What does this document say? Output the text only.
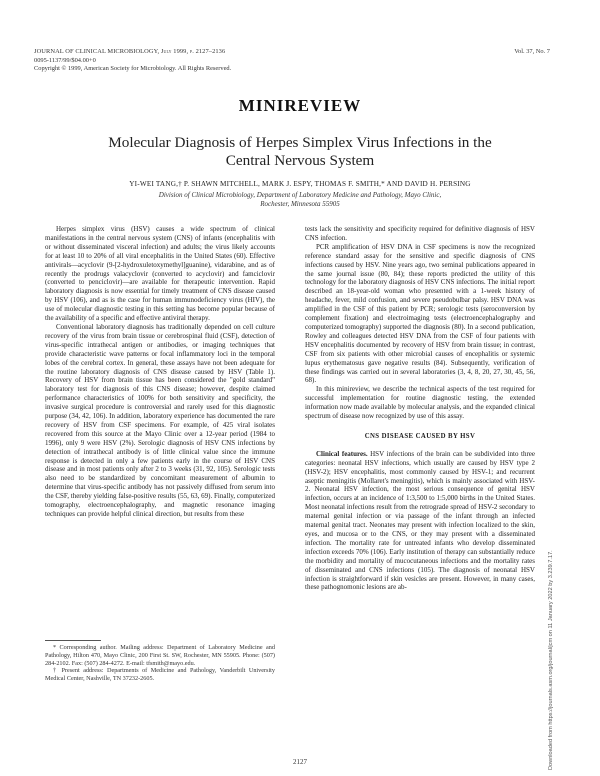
JOURNAL OF CLINICAL MICROBIOLOGY, July 1999, p. 2127–2136	Vol. 37, No. 7
0095-1137/99/$04.00+0
Copyright © 1999, American Society for Microbiology. All Rights Reserved.
MINIREVIEW
Molecular Diagnosis of Herpes Simplex Virus Infections in the
Central Nervous System
YI-WEI TANG,† P. SHAWN MITCHELL, MARK J. ESPY, THOMAS F. SMITH,* AND DAVID H. PERSING
Division of Clinical Microbiology, Department of Laboratory Medicine and Pathology, Mayo Clinic,
Rochester, Minnesota 55905

Herpes simplex virus (HSV) causes a wide spectrum of clinical manifestations in the central nervous system (CNS) of infants (encephalitis with or without disseminated visceral infection) and adults; the virus likely accounts for at least 10 to 20% of all viral encephalitis in the United States (60). Effective antivirals—acyclovir (9-[2-hydroxuletoxymethyl]guanine), vidarabine, and as of recently the prodrugs valacyclovir (converted to acyclovir) and famciclovir (converted to penciclovir)—are available for therapeutic intervention. Rapid laboratory diagnosis is now essential for timely treatment of CNS disease caused by HSV (106), and as is the case for human immunodeficiency virus (HIV), the use of molecular diagnostic testing in this setting has become popular because of the availability of a specific and effective antiviral therapy.

Conventional laboratory diagnosis has traditionally depended on cell culture recovery of the virus from brain tissue or cerebrospinal fluid (CSF), detection of virus-specific intrathecal antigen or antibodies, or imaging techniques that provide characteristic wave patterns or focal inflammatory loci in the temporal lobes of the cerebral cortex. In general, these assays have not been adequate for the routine laboratory diagnosis of CNS disease caused by HSV (Table 1). Recovery of HSV from brain tissue has been considered the "gold standard" laboratory test for diagnosis of this CNS disease; however, despite claimed performance characteristics of 100% for both sensitivity and specificity, the invasive surgical procedure is controversial and rarely used for this diagnostic purpose (34, 42, 106). In addition, laboratory experience has documented the rare recovery of HSV from CSF specimens. For example, of 425 viral isolates recovered from this source at the Mayo Clinic over a 12-year period (1984 to 1996), only 9 were HSV (2%). Serologic diagnosis of HSV CNS infections by detection of intrathecal antibody is of little clinical value since the immune response is detected in only a few patients early in the course of HSV CNS disease and in most patients only after 2 to 3 weeks (31, 92, 105). Serologic tests also need to be standardized by concomitant measurement of albumin to determine that virus-specific antibody has not passively diffused from serum into the CSF, thereby yielding false-positive results (55, 63, 69). Finally, computerized tomography, electroencephalography, and magnetic resonance imaging techniques can provide helpful clinical direction, but results from these

tests lack the sensitivity and specificity required for definitive diagnosis of HSV CNS infection.

PCR amplification of HSV DNA in CSF specimens is now the recognized reference standard assay for the sensitive and specific diagnosis of CNS infections caused by HSV. Nine years ago, two seminal publications appeared in the same journal issue (80, 84); these reports predicted the utility of this technology for the laboratory diagnosis of HSV CNS infections. The initial report described an 18-year-old woman who presented with a 1-week history of headache, fever, mild confusion, and severe pseudobulbar palsy. HSV DNA was amplified in the CSF of this patient by PCR; serologic tests (seroconversion by complement fixation) and electroimaging tests (electroencephalography and computerized tomography) supported the diagnosis (80). In a second publication, Rowley and colleagues detected HSV DNA from the CSF of four patients with HSV encephalitis documented by recovery of HSV from brain tissue; in contrast, CSF from six patients with other microbial causes of encephalitis or systemic lupus erythematosus gave negative results (84). Subsequently, verification of these findings was carried out in several laboratories (3, 4, 8, 20, 27, 30, 45, 56, 68).

In this minireview, we describe the technical aspects of the test required for successful implementation for routine diagnostic testing, the extended information now made available by molecular analysis, and the expanded clinical spectrum of disease now recognized by use of this assay.

CNS DISEASE CAUSED BY HSV

Clinical features. HSV infections of the brain can be subdivided into three categories: neonatal HSV infections, which usually are caused by HSV type 2 (HSV-2); HSV encephalitis, most commonly caused by HSV-1; and recurrent aseptic meningitis (Mollaret's meningitis), which is mainly associated with HSV-2. Neonatal HSV infection, the most serious consequence of genital HSV infection, occurs at an incidence of 1:3,500 to 1:5,000 births in the United States. Most neonatal infections result from the retrograde spread of HSV-2 secondary to maternal genital infection or via passage of the infant through an infected maternal genital tract. Neonates may present with infection localized to the skin, eyes, and mucosa or to the CNS, or they may present with a disseminated infection. The mortality rate for untreated infants who develop disseminated infection exceeds 70% (106). Early institution of therapy can substantially reduce the morbidity and mortality of mucocutaneous infections and the mortality rates of disseminated and CNS infections (105). The diagnosis of neonatal HSV infection is straightforward if skin vesicles are present. However, in many cases, these pathognomonic lesions are ab-

* Corresponding author. Mailing address: Department of Laboratory Medicine and Pathology, Hilton 470, Mayo Clinic, 200 First St. SW, Rochester, MN 55905. Phone: (507) 284-2102. Fax: (507) 284-4272. E-mail: tfsmith@mayo.edu.

† Present address: Departments of Medicine and Pathology, Vanderbilt University Medical Center, Nashville, TN 37232-2605.

2127	Downloaded from https://journals.asm.org/journal/jcm on 11 January 2022 by 3.239.7.17.
